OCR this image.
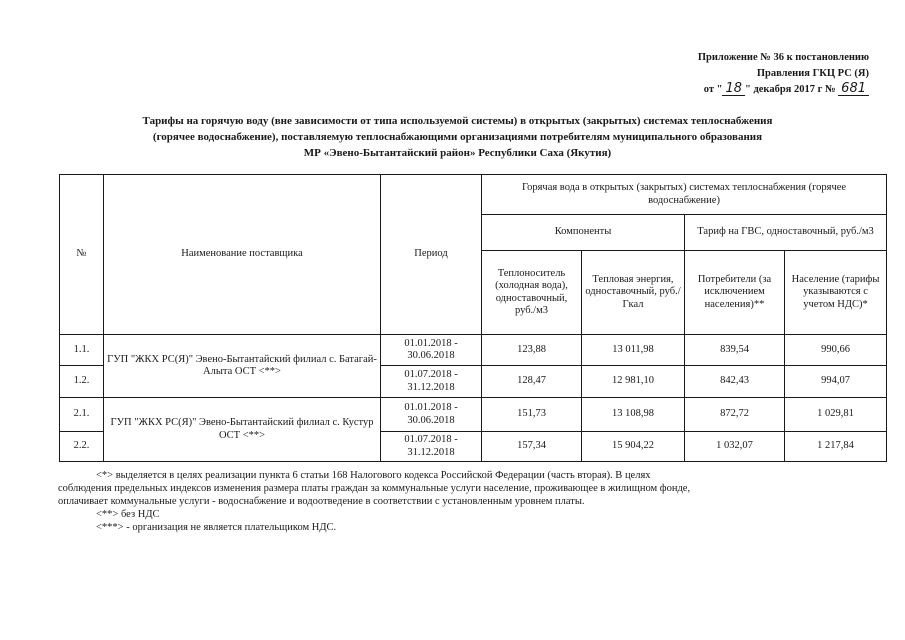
Приложение № 36 к постановлению
Правления ГКЦ РС (Я)
от " 18 " декабря 2017 г № 681
Тарифы на горячую воду (вне зависимости от типа используемой системы) в открытых (закрытых) системах теплоснабжения
(горячее водоснабжение), поставляемую теплоснабжающими организациями потребителям муниципального образования
МР «Эвено-Бытантайский район» Республики Саха (Якутия)
№	Наименование поставщика	Период	Горячая вода в открытых (закрытых) системах теплоснабжения (горячее водоснабжение)			
			Компоненты		Тариф на ГВС, одноставочный, руб./м3	
			Теплоноситель (холодная вода), одноставочный, руб./м3	Тепловая энергия, одноставочный, руб./Гкал	Потребители (за исключением населения)**	Население (тарифы указываются с учетом НДС)*
1.1.	ГУП "ЖКХ РС(Я)" Эвено-Бытантайский филиал с. Батагай-Алыта ОСТ <**>	01.01.2018 - 30.06.2018	123,88	13 011,98	839,54	990,66
1.2.		01.07.2018 - 31.12.2018	128,47	12 981,10	842,43	994,07
2.1.	ГУП "ЖКХ РС(Я)" Эвено-Бытантайский филиал с. Кустур ОСТ <**>	01.01.2018 - 30.06.2018	151,73	13 108,98	872,72	1 029,81
2.2.		01.07.2018 - 31.12.2018	157,34	15 904,22	1 032,07	1 217,84

<*> выделяется в целях реализации пункта 6 статьи 168 Налогового кодекса Российской Федерации (часть вторая). В целях
соблюдения предельных индексов изменения размера платы граждан за коммунальные услуги население, проживающее в жилищном фонде,
оплачивает коммунальные услуги - водоснабжение и водоотведение в соответствии с установленным уровнем платы.

<**> без НДС

<***> - организация не является плательщиком НДС.
